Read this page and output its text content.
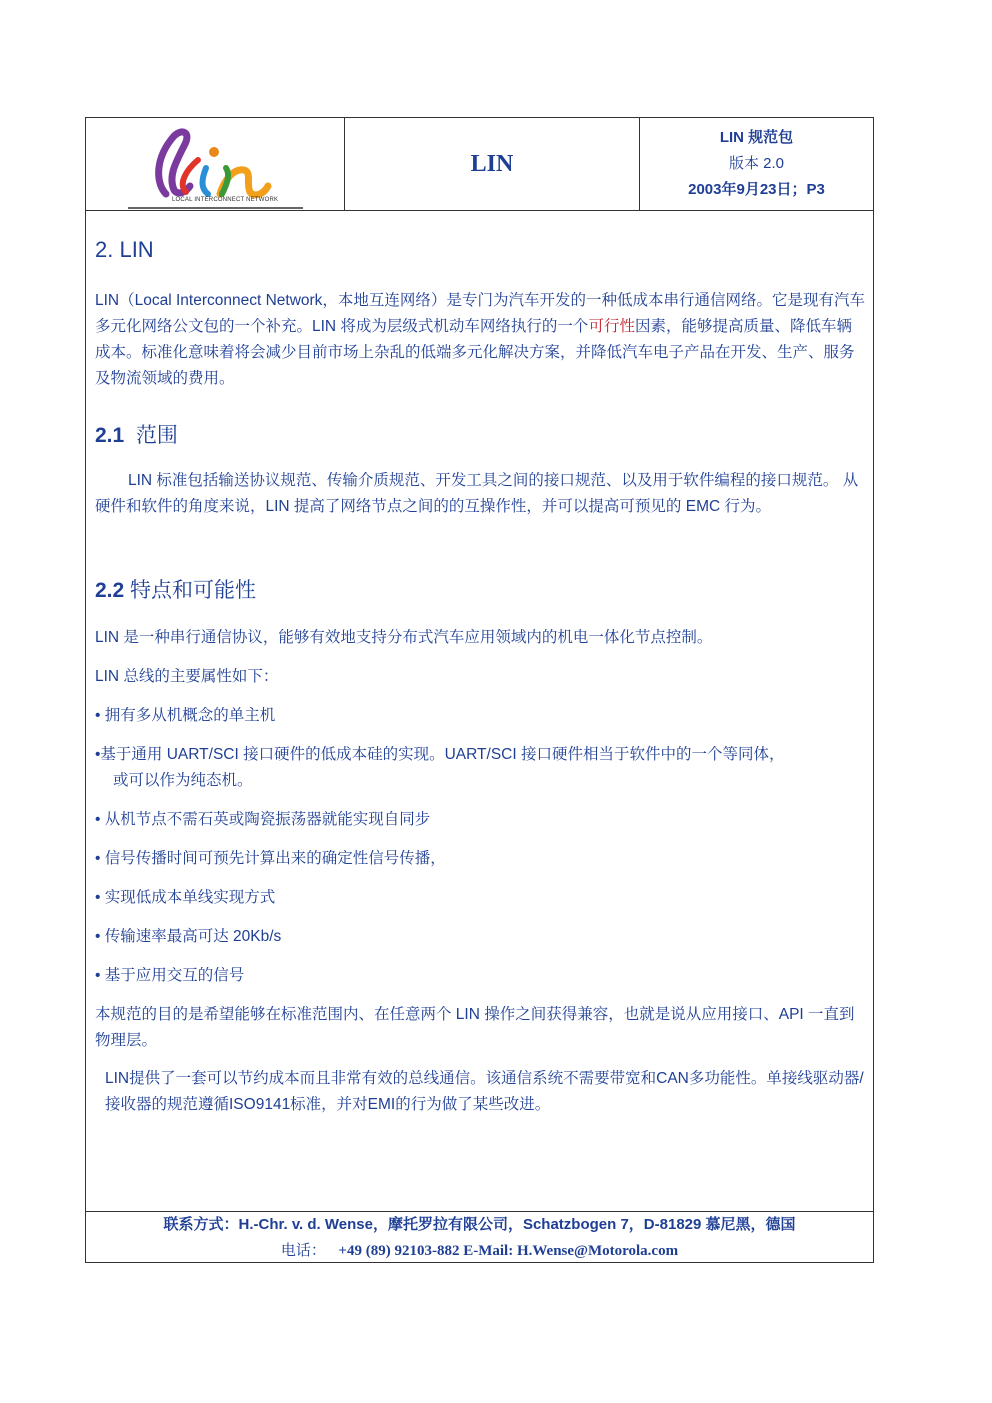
LOCAL INTERCONNECT NETWORK
LIN
LIN 规范包
版本 2.0
2003年9月23日；P3
2. LIN

LIN（Local Interconnect Network，本地互连网络）是专门为汽车开发的一种低成本串行通信网络。它是现有汽车多元化网络公文包的一个补充。LIN 将成为层级式机动车网络执行的一个可行性因素，能够提高质量、降低车辆成本。标准化意味着将会减少目前市场上杂乱的低端多元化解决方案，并降低汽车电子产品在开发、生产、服务及物流领域的费用。

2.1 范围

LIN 标准包括输送协议规范、传输介质规范、开发工具之间的接口规范、以及用于软件编程的接口规范。 从硬件和软件的角度来说，LIN 提高了网络节点之间的的互操作性，并可以提高可预见的 EMC 行为。

2.2 特点和可能性

LIN 是一种串行通信协议，能够有效地支持分布式汽车应用领域内的机电一体化节点控制。

LIN 总线的主要属性如下：

• 拥有多从机概念的单主机
•基于通用 UART/SCI 接口硬件的低成本硅的实现。UART/SCI 接口硬件相当于软件中的一个等同体，
或可以作为纯态机。
• 从机节点不需石英或陶瓷振荡器就能实现自同步
• 信号传播时间可预先计算出来的确定性信号传播，
• 实现低成本单线实现方式
• 传输速率最高可达 20Kb/s
• 基于应用交互的信号

本规范的目的是希望能够在标准范围内、在任意两个 LIN 操作之间获得兼容，也就是说从应用接口、API 一直到物理层。

LIN提供了一套可以节约成本而且非常有效的总线通信。该通信系统不需要带宽和CAN多功能性。单接线驱动器/接收器的规范遵循ISO9141标准，并对EMI的行为做了某些改进。

联系方式：H.-Chr. v. d. Wense，摩托罗拉有限公司，Schatzbogen 7，D-81829 慕尼黑，德国
电话： +49 (89) 92103-882 E-Mail: H.Wense@Motorola.com
